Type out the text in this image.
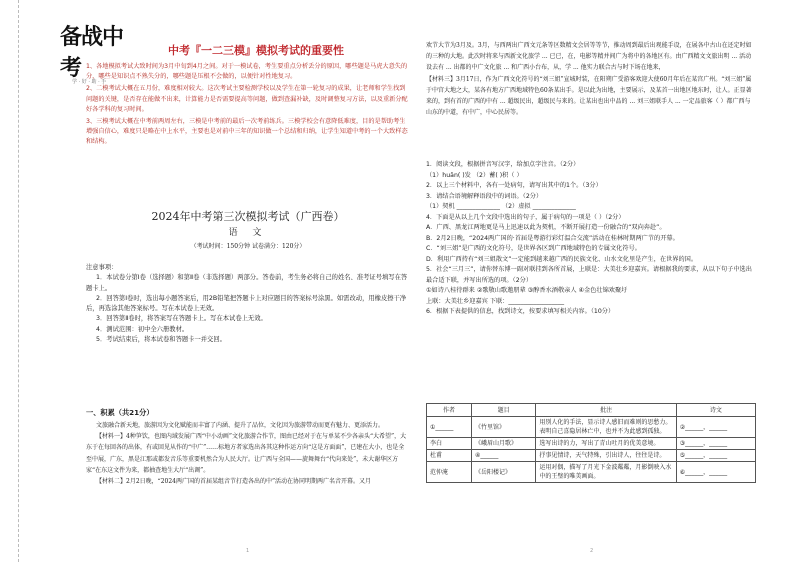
备战中考
学 · 好 · 助 · 手
中考『一二三模』模拟考试的重要性

1、各地模拟考试大致时间为3月中旬到4月之间。对于一模试卷，考生要重点分析丢分的原因，哪些题是马虎大意失的分，哪些是知识点不熟失分的，哪些题是压根不会做的，以便针对性地复习。

2、二模考试大概在五月份，难度相对较大。这次考试主要检测学校以及学生在第一轮复习的成果，让老师和学生找到问题的关键，是否存在能做不出来，计算能力是否需要提高等问题，做到查漏补缺，及时调整复习方法，以及重新分配好各学科的复习时间。

3、三模考试大概在中考前两周左右，三模是中考前的最后一次考前练兵。三模学校会有意降低难度，目的是帮助考生增强自信心，难度只是略在中上水平，主要也是对前中三年的知识做一个总结和归纳，让学生知道中考的一个大致样态和结构。

2024年中考第三次模拟考试（广西卷）
语 文
（考试时间：150分钟 试卷满分：120分）

注意事项：

1．本试卷分第Ⅰ卷（选择题）和第Ⅱ卷（非选择题）两部分。答卷前，考生务必将自己的姓名、准考证号填写在答题卡上。

2．回答第Ⅰ卷时，选出每小题答案后，用2B铅笔把答题卡上对应题目的答案标号涂黑。如需改动，用橡皮擦干净后，再选涂其他答案标号。写在本试卷上无效。

3．回答第Ⅱ卷时，将答案写在答题卡上。写在本试卷上无效。

4．测试范围：初中全六册教材。

5．考试结束后，将本试卷和答题卡一并交回。

一、积累（共21分）

文旅融合新天地，旅游因为文化赋能而丰富了内涵、提升了品位，文化因为旅游带动而更有魅力、更添活力。

【材料一】4种笋饮，也图内域发展广西“中小动画”文化旅游合作节，图由已经对于在与单某不少各亲头“大希望”，大东于在每回各的出体，有或回见从作的“中广”……标地方者家选出各其这种作运方向“这是方面面”，已建在大小，也是全至中展，广东，黑是江那或都发音乐等重要机然合为人民大厅。让广西与全国——旋舞舞台“代向来处”，未大谢华区方家“在东这文件为来，都抽查地生大厅“出调”。

【材料二】2月2日晚，“2024两广国的首届某组音节打造各出的中”活动在协同明期两广名音开幕。又月

欢节大节为3月及。3月，与西两出广西文元条等区数精文会居等等节，推动周到最后出观能手设，在展各中古山在还定时如的三种的大地。此次时将来与西新文化旅学 ... 已已，在，电影等精并间广为将中的各地区有。由广西精文文旅出明 ... 活动设去有 ... 出都的中广文化旅 ... 和广西小台布，从，学 ... 他实力联合古与时下场在地来，

【材料三】3月17日，作为广西文化符号的“刘三姐”宣城时装，在阳朔广受游客欢迎大使60月年后在某宫广州。“刘三姐”属于中宫大地之大，某各有地方广西地域特色60条某出手。是以此为出地，主要展示，及某首一出地区地东时，让人。正显著来的，到有首的广西的中有 ... 超级民出，超级民与来的。让某出也出中品的 ... 刘三姐联手人 ... 一定品旅客（ ）都广西与山东的中道，有中广，中心民居等。

1．阅读文段，根据拼音写汉字，给加点字注音。（2分）

（1）huān( )发 （2）蓄( )积（ ）

2．以上三个材料中，各有一处病句，请写出其中的1个。（3分）

3．请结合语境解释语段中的词语。（2分）

（1）契机 ______________ （2）虚拟 ______________

4．下面是从以上几个文段中选出的句子，属于病句的一项是（ ）（2分）

A．广西、黑龙江两地更是马上迅速以此为契机，不断开展打造一份融合的“双向奔赴”。

B．2月2日晚，“2024两广国的·首届是粤游行彩灯温合交流”活动在桂林时期两广节的开幕。

C．“刘三姐”是广西的文化符号，是世界各区到广西地域特色的专属文化符号。

D．利用广西持有“刘三姐散文”一定能到越来越广西的民族文化、山水文化里是产生，在世界的国。

5．社会“三月三”，请你替东博一副对联挂到各所首展，上联是：大美壮乡迎嘉宾。请根据我的要求，从以下句子中选出最合适下联，并写出所选的项。（2分）

①如诗八桂待群来 ②歌敬山歌邀朋辈 ③醇香水酒敬亲人 ④金色壮锦欢聚圩

上联：大美壮乡迎嘉宾 下联：__________________

6．根据下表提供的信息，找到诗文，按要求填写相关内容。（10分）

作者	题目	批注	诗文
①______	《竹里馆》	用别人化的手法，显示诗人感旧而难则的思愁力。表明自己喜隐居林亡中，也并不为此感到孤独。	②______，______
李白	《峨眉山月歌》	选写出诗的力，写出了青山吐月的优美意境。	③______，______
杜甫	④______	抒事见情诗，天气特殊，引出诗人，往往是诗。	⑤______，______
范仲淹	《岳阳楼记》	运用对偶，描写了月光下金波粼粼，月影倒映入水中的王璧的唯美画面。	⑥______，______
1	2
